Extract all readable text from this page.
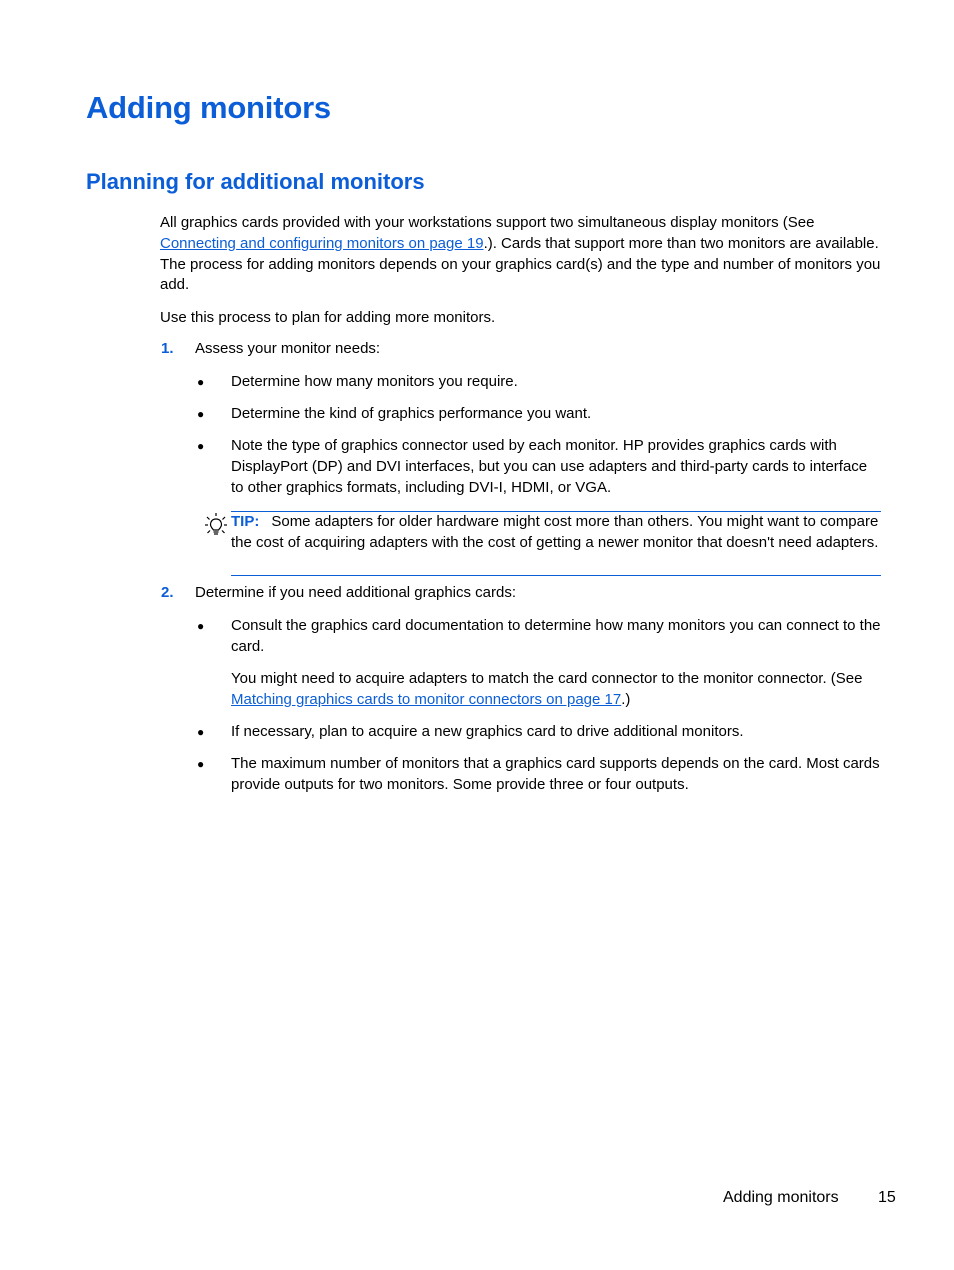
Adding monitors
Planning for additional monitors
All graphics cards provided with your workstations support two simultaneous display monitors (See Connecting and configuring monitors on page 19.). Cards that support more than two monitors are available. The process for adding monitors depends on your graphics card(s) and the type and number of monitors you add.
Use this process to plan for adding more monitors.
1. Assess your monitor needs:
● Determine how many monitors you require.
● Determine the kind of graphics performance you want.
● Note the type of graphics connector used by each monitor. HP provides graphics cards with DisplayPort (DP) and DVI interfaces, but you can use adapters and third-party cards to interface to other graphics formats, including DVI-I, HDMI, or VGA.
TIP: Some adapters for older hardware might cost more than others. You might want to compare the cost of acquiring adapters with the cost of getting a newer monitor that doesn't need adapters.
2. Determine if you need additional graphics cards:
● Consult the graphics card documentation to determine how many monitors you can connect to the card.
You might need to acquire adapters to match the card connector to the monitor connector. (See Matching graphics cards to monitor connectors on page 17.)
● If necessary, plan to acquire a new graphics card to drive additional monitors.
● The maximum number of monitors that a graphics card supports depends on the card. Most cards provide outputs for two monitors. Some provide three or four outputs.
Adding monitors 15
